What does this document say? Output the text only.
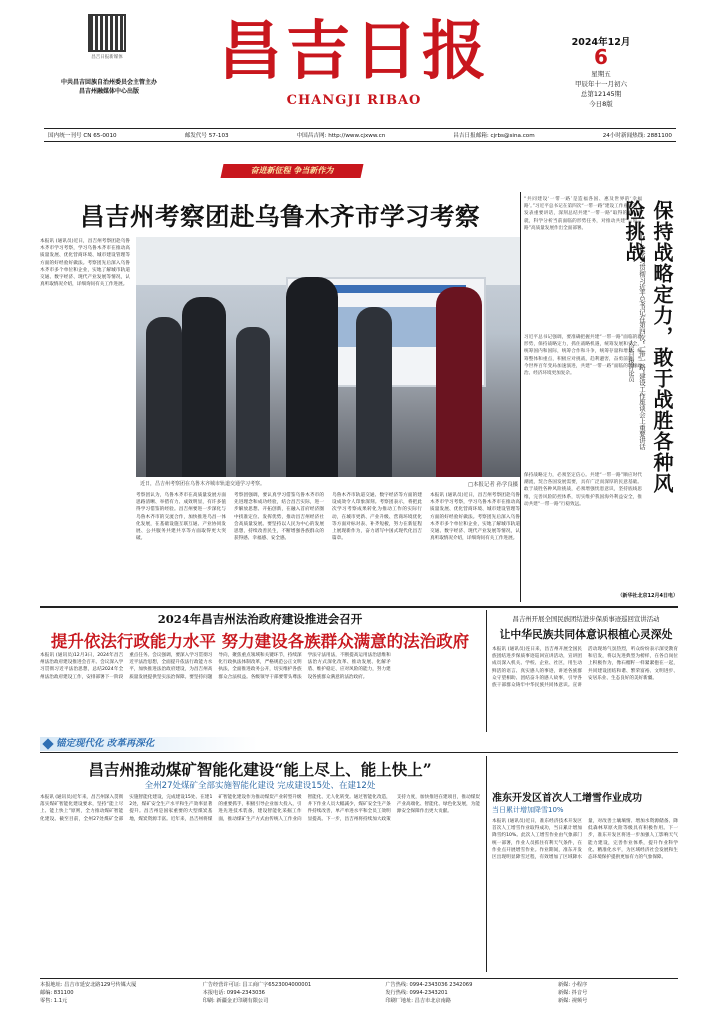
昌吉日报新媒体
中共昌吉回族自治州委员会主管主办
昌吉州融媒体中心出版
昌吉日报
CHANGJI RIBAO
2024年12月
6
星期五
甲辰年十一月初六
总第12145期
今日8版
国内统一刊号 CN 65-0010	邮发代号 57-103	中国昌吉网: http://www.cjxww.cn	昌吉日报邮箱: cjrbs@sina.com	24小时新闻热线: 2881100
奋进新征程 争当新作为
昌吉州考察团赴乌鲁木齐市学习考察
本报讯 (通讯员)近日，昌吉州考察团赴乌鲁木齐市学习考察，学习乌鲁木齐市在推动高质量发展、优化营商环境、城市建设管理等方面的好经验好做法。考察团先后深入乌鲁木齐市多个单位和企业，实地了解城市轨道交通、数字经济、现代产业发展等情况，认真听取情况介绍，详细询问有关工作进展。
近日，昌吉州考察团在乌鲁木齐城市轨道交通学习考察。	□本报记者 孙学良摄
考察团认为，乌鲁木齐市在高质量发展方面思路清晰、举措有力、成效明显，有许多值得学习借鉴的经验。昌吉州要进一步深化与乌鲁木齐市的交流合作，加快推进乌昌一体化发展，在基础设施互联互通、产业协同发展、公共服务共建共享等方面取得更大突破。
考察团强调，要认真学习借鉴乌鲁木齐市的先进理念和成功经验，结合昌吉实际，进一步解放思想、开拓创新，在融入首府经济圈中找准定位、发挥优势，推动昌吉州经济社会高质量发展。要坚持以人民为中心的发展思想，持续改善民生，不断增强各族群众的获得感、幸福感、安全感。
乌鲁木齐市轨道交通、数字经济等方面的建设成效令人印象深刻。考察团表示，将把此次学习考察成果转化为推动工作的实际行动，在城市更新、产业升级、营商环境优化等方面对标对表、补齐短板，努力在新征程上展现新作为，奋力谱写中国式现代化昌吉篇章。
本报讯 (通讯员)近日，昌吉州考察团赴乌鲁木齐市学习考察，学习乌鲁木齐市在推动高质量发展、优化营商环境、城市建设管理等方面的好经验好做法。考察团先后深入乌鲁木齐市多个单位和企业，实地了解城市轨道交通、数字经济、现代产业发展等情况，认真听取情况介绍，详细询问有关工作进展。
“共同建设‘一带一路’是造福各国、惠及世界的‘幸福路’。”习近平总书记在第四次“一带一路”建设工作座谈会上发表重要讲话，深刻总结共建“一带一路”取得的重大成就，科学分析当前面临的形势任务，对推动共建“一带一路”高质量发展作出全面部署。
习近平总书记强调，要准确把握共建“一带一路”面临的新形势，保持战略定力，抓住战略机遇，统筹发展和安全，统筹国内和国际，统筹合作和斗争，统筹存量和增量，统筹整体和重点，积极应对挑战，趋利避害，奋勇前进。当今世界百年变局加速演进，共建“一带一路”面临的地缘政治、经济环境更加复杂。
保持战略定力，必须坚定信心。共建“一带一路”顺应时代潮流，契合各国发展需要，具有广泛而深厚的民意基础。敢于战胜各种风险挑战，必须增强忧患意识，坚持底线思维，完善风险防控体系，切实维护我国海外利益安全，推动共建“一带一路”行稳致远。
（新华社北京12月4日电）
保持战略定力，敢于战胜各种风险挑战
——论学习贯彻习近平总书记在第四次“一带一路”建设工作座谈会上重要讲话
人民日报评论员
2024年昌吉州法治政府建设推进会召开
提升依法行政能力水平 努力建设各族群众满意的法治政府
本报讯 (通讯员)12月3日，2024年昌吉州法治政府建设推进会召开。会议深入学习贯彻习近平法治思想，总结2024年全州法治政府建设工作，安排部署下一阶段重点任务。会议强调，要深入学习贯彻习近平法治思想，全面提升依法行政能力水平，加快推进法治政府建设，为昌吉州高质量发展提供坚实法治保障。要坚持问题导向，聚焦重点领域和关键环节，持续深化行政执法体制改革，严格规范公正文明执法，全面推进政务公开，切实维护各族群众合法权益。各级领导干部要带头尊法学法守法用法，不断提高运用法治思维和法治方式深化改革、推动发展、化解矛盾、维护稳定、应对风险的能力，努力建设各族群众满意的法治政府。
昌吉州开展全国民族团结进步保质事迹巡回宣讲活动
让中华民族共同体意识根植心灵深处
本报讯 (通讯员)连日来，昌吉州开展全国民族团结进步保质事迹巡回宣讲活动，宣讲团成员深入机关、学校、企业、社区，用生动鲜活的语言、真实感人的事迹，讲述各族群众守望相助、团结奋斗的感人故事，引导各族干部群众铸牢中华民族共同体意识。宣讲活动现场气氛热烈，听众纷纷表示深受教育和启发，将以先进典型为榜样，在各自岗位上积极作为，像石榴籽一样紧紧抱在一起，共同建设团结和谐、繁荣富裕、文明进步、安居乐业、生态良好的美好新疆。
锚定现代化 改革再深化
昌吉州推动煤矿智能化建设“能上尽上、能上快上”
全州27处煤矿全部实施智能化建设 完成建设15处、在建12处
本报讯 (通讯员)近年来，昌吉州深入贯彻落实煤矿智能化建设要求，坚持“能上尽上、能上快上”原则，全力推动煤矿智能化建设。截至目前，全州27处煤矿全部实施智能化建设，完成建设15处、在建12处，煤矿安全生产水平和生产效率显著提升。昌吉州是国家重要的大型煤炭基地，煤炭资源丰富。近年来，昌吉州将煤矿智能化建设作为推动煤炭产业转型升级的重要抓手，积极引导企业加大投入，引进先进技术装备，建设智能化采掘工作面，推动煤矿生产方式由传统人工作业向智能化、无人化转变。通过智能化改造，井下作业人员大幅减少，煤矿安全生产条件持续改善，单产单进水平和全员工效明显提高。下一步，昌吉州将持续加大政策支持力度，加快推进在建项目，推动煤炭产业高端化、智能化、绿色化发展，为能源安全保障作出更大贡献。
准东开发区首次人工增雪作业成功
当日累计增加降雪10%
本报讯 (通讯员)近日，准东经济技术开发区首次人工增雪作业取得成功，当日累计增加降雪约10%。此次人工增雪作业由气象部门统一部署，作业人员抓住有利天气条件，在作业点开展增雪作业。作业期间，准东开发区出现明显降雪过程，有效增加了区域降水量，对改善土壤墒情、增加水资源储备、降低森林草原火险等级具有积极作用。下一步，准东开发区将进一步加强人工影响天气能力建设，完善作业体系，提升作业科学化、精准化水平，为区域经济社会发展和生态环境保护提供更加有力的气象保障。
本报地址: 昌吉市延安北路129号传媒大厦
邮编: 831100
零售: 1.1元
广告经营许可证: 昌工商广字6523004000001
本报电话: 0994-2343036
印刷: 新疆金正印刷有限公司
广告热线: 0994-2343036 2342069
发行热线: 0994-2343201
印刷厂地址: 昌吉市北京南路
新媒: 小程序
新媒: 抖音号
新媒: 视频号
